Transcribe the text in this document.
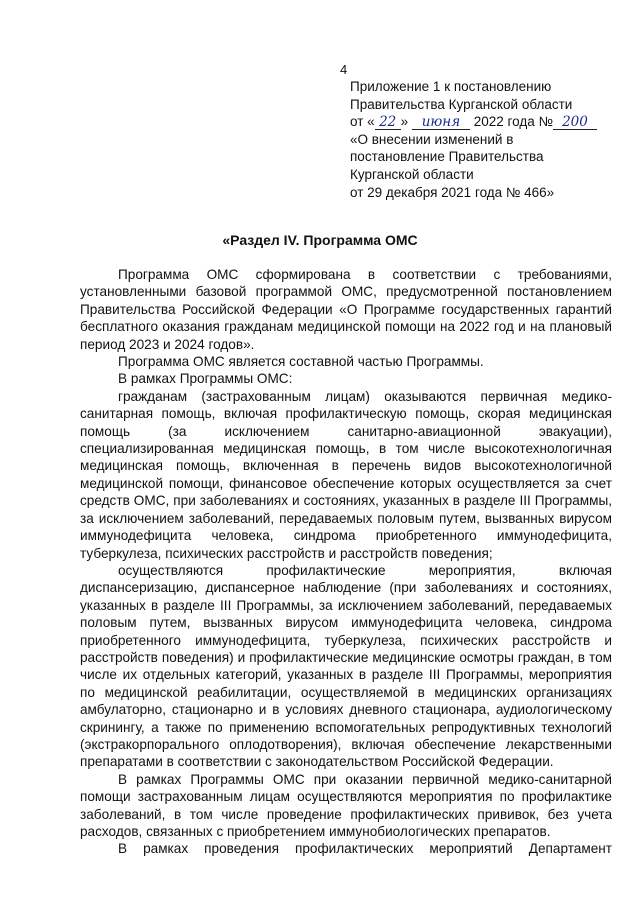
4
Приложение 1 к постановлению
Правительства Курганской области
от « 22 » июня 2022 года № 200
«О внесении изменений в
постановление Правительства
Курганской области
от 29 декабря 2021 года № 466»
«Раздел IV. Программа ОМС

Программа ОМС сформирована в соответствии с требованиями, установленными базовой программой ОМС, предусмотренной постановлением Правительства Российской Федерации «О Программе государственных гарантий бесплатного оказания гражданам медицинской помощи на 2022 год и на плановый период 2023 и 2024 годов».

Программа ОМС является составной частью Программы.

В рамках Программы ОМС:

гражданам (застрахованным лицам) оказываются первичная медико-санитарная помощь, включая профилактическую помощь, скорая медицинская помощь (за исключением санитарно-авиационной эвакуации), специализированная медицинская помощь, в том числе высокотехнологичная медицинская помощь, включенная в перечень видов высокотехнологичной медицинской помощи, финансовое обеспечение которых осуществляется за счет средств ОМС, при заболеваниях и состояниях, указанных в разделе III Программы, за исключением заболеваний, передаваемых половым путем, вызванных вирусом иммунодефицита человека, синдрома приобретенного иммунодефицита, туберкулеза, психических расстройств и расстройств поведения;

осуществляются профилактические мероприятия, включая диспансеризацию, диспансерное наблюдение (при заболеваниях и состояниях, указанных в разделе III Программы, за исключением заболеваний, передаваемых половым путем, вызванных вирусом иммунодефицита человека, синдрома приобретенного иммунодефицита, туберкулеза, психических расстройств и расстройств поведения) и профилактические медицинские осмотры граждан, в том числе их отдельных категорий, указанных в разделе III Программы, мероприятия по медицинской реабилитации, осуществляемой в медицинских организациях амбулаторно, стационарно и в условиях дневного стационара, аудиологическому скринингу, а также по применению вспомогательных репродуктивных технологий (экстракорпорального оплодотворения), включая обеспечение лекарственными препаратами в соответствии с законодательством Российской Федерации.

В рамках Программы ОМС при оказании первичной медико-санитарной помощи застрахованным лицам осуществляются мероприятия по профилактике заболеваний, в том числе проведение профилактических прививок, без учета расходов, связанных с приобретением иммунобиологических препаратов.

В рамках проведения профилактических мероприятий Департамент
